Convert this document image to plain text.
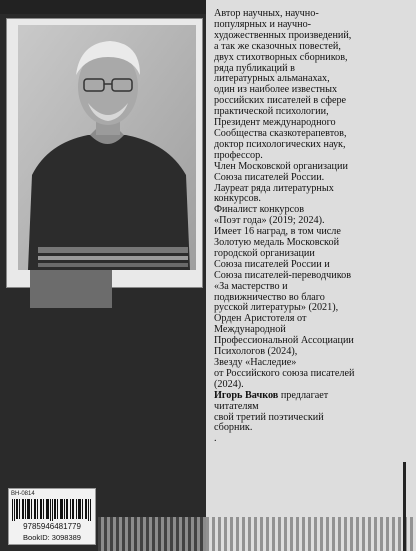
Автор научных, научно-
популярных и научно-
художественных произведений,
а так же сказочных повестей,
двух стихотворных сборников,
ряда публикаций в
литературных альманахах,
один из наиболее известных
российских писателей в сфере
практической психологии,
Президент международного
Сообщества сказкотерапевтов,
доктор психологических наук,
профессор.
Член Московской организации
Союза писателей России.
Лауреат ряда литературных
конкурсов.
Финалист конкурсов
«Поэт года» (2019; 2024).
Имеет 16 наград, в том числе
Золотую медаль Московской
городской организации
Союза писателей России и
Союза писателей-переводчиков
«За мастерство и
подвижничество во благо
русской литературы» (2021),
Орден Аристотеля от
Международной
Профессиональной Ассоциации
Психологов (2024),
Звезду «Наследие»
от Российского союза писателей
(2024).
Игорь Вачков предлагает
читателям
свой третий поэтический
сборник.
.
ВН-0814
9785946481779
BookID: 3098389
